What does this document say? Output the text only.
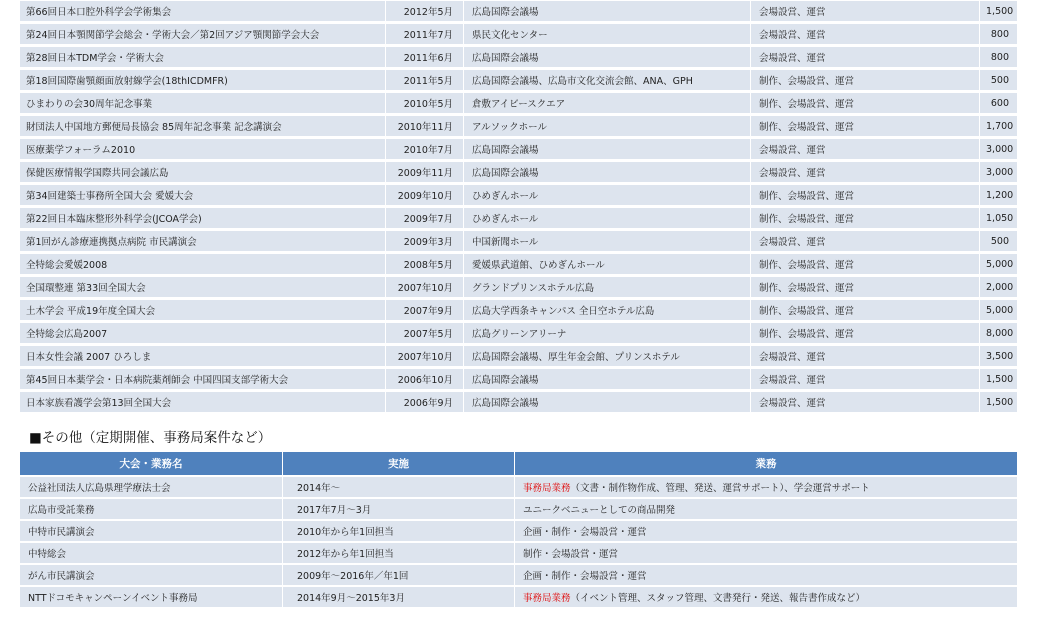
第66回日本口腔外科学会学術集会	2012年5月	広島国際会議場	会場設営、運営	1,500
第24回日本顎関節学会総会・学術大会／第2回アジア顎関節学会大会	2011年7月	県民文化センター	会場設営、運営	800
第28回日本TDM学会・学術大会	2011年6月	広島国際会議場	会場設営、運営	800
第18回国際歯顎顔面放射線学会(18thICDMFR)	2011年5月	広島国際会議場、広島市文化交流会館、ANA、GPH	制作、会場設営、運営	500
ひまわりの会30周年記念事業	2010年5月	倉敷アイビースクエア	制作、会場設営、運営	600
財団法人中国地方郵便局長協会 85周年記念事業 記念講演会	2010年11月	アルソックホール	制作、会場設営、運営	1,700
医療薬学フォーラム2010	2010年7月	広島国際会議場	会場設営、運営	3,000
保健医療情報学国際共同会議広島	2009年11月	広島国際会議場	会場設営、運営	3,000
第34回建築士事務所全国大会 愛媛大会	2009年10月	ひめぎんホール	制作、会場設営、運営	1,200
第22回日本臨床整形外科学会(JCOA学会)	2009年7月	ひめぎんホール	制作、会場設営、運営	1,050
第1回がん診療連携拠点病院 市民講演会	2009年3月	中国新聞ホール	会場設営、運営	500
全特総会愛媛2008	2008年5月	愛媛県武道館、ひめぎんホール	制作、会場設営、運営	5,000
全国環整連 第33回全国大会	2007年10月	グランドプリンスホテル広島	制作、会場設営、運営	2,000
土木学会 平成19年度全国大会	2007年9月	広島大学西条キャンパス 全日空ホテル広島	制作、会場設営、運営	5,000
全特総会広島2007	2007年5月	広島グリーンアリーナ	制作、会場設営、運営	8,000
日本女性会議 2007 ひろしま	2007年10月	広島国際会議場、厚生年金会館、プリンスホテル	会場設営、運営	3,500
第45回日本薬学会・日本病院薬剤師会 中国四国支部学術大会	2006年10月	広島国際会議場	会場設営、運営	1,500
日本家族看護学会第13回全国大会	2006年9月	広島国際会議場	会場設営、運営	1,500
■その他（定期開催、事務局案件など）
大会・業務名	実施	業務
公益社団法人広島県理学療法士会	2014年～	事務局業務（文書・制作物作成、管理、発送、運営サポート）、学会運営サポート
広島市受託業務	2017年7月～3月	ユニークベニューとしての商品開発
中特市民講演会	2010年から年1回担当	企画・制作・会場設営・運営
中特総会	2012年から年1回担当	制作・会場設営・運営
がん市民講演会	2009年～2016年／年1回	企画・制作・会場設営・運営
NTTドコモキャンペーンイベント事務局	2014年9月～2015年3月	事務局業務（イベント管理、スタッフ管理、文書発行・発送、報告書作成など）
